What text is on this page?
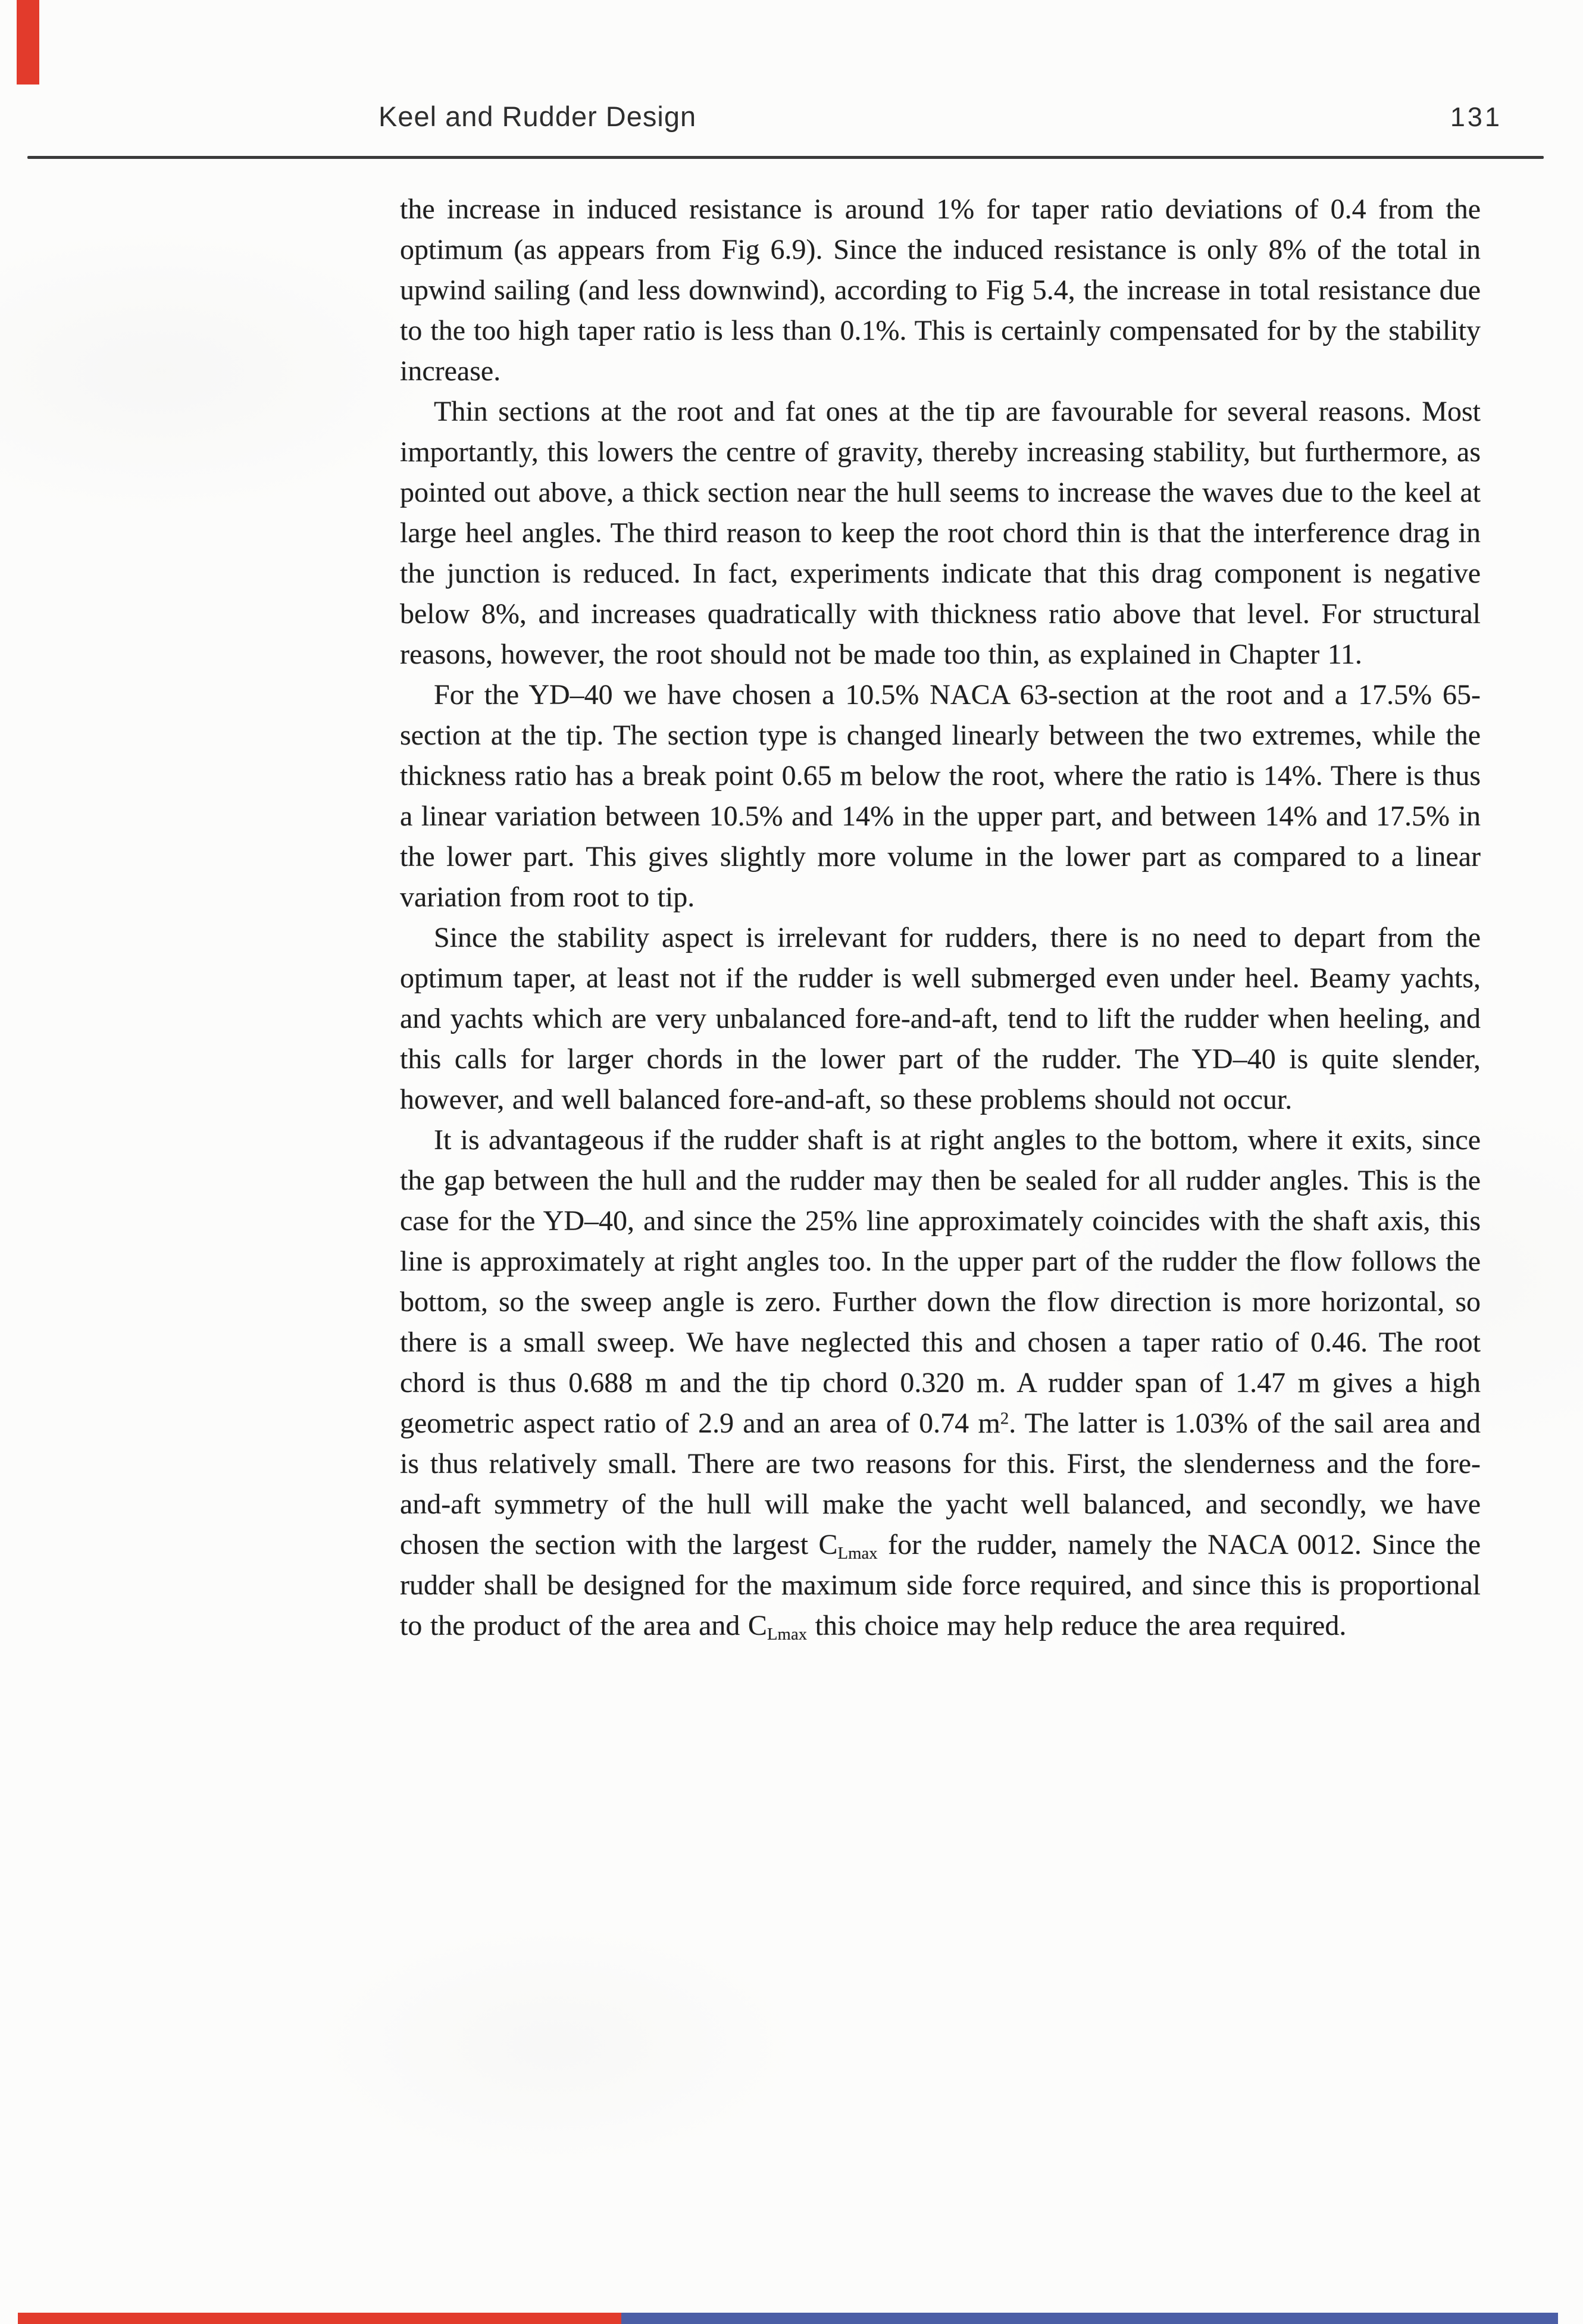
Keel and Rudder Design	131

the increase in induced resistance is around 1% for taper ratio deviations of 0.4 from the optimum (as appears from Fig 6.9). Since the induced resistance is only 8% of the total in upwind sailing (and less downwind), according to Fig 5.4, the increase in total resistance due to the too high taper ratio is less than 0.1%. This is certainly compensated for by the stability increase.

Thin sections at the root and fat ones at the tip are favourable for several reasons. Most importantly, this lowers the centre of gravity, thereby increasing stability, but furthermore, as pointed out above, a thick section near the hull seems to increase the waves due to the keel at large heel angles. The third reason to keep the root chord thin is that the interference drag in the junction is reduced. In fact, experiments indicate that this drag component is negative below 8%, and increases quadratically with thickness ratio above that level. For structural reasons, however, the root should not be made too thin, as explained in Chapter 11.

For the YD–40 we have chosen a 10.5% NACA 63-section at the root and a 17.5% 65-section at the tip. The section type is changed linearly between the two extremes, while the thickness ratio has a break point 0.65 m below the root, where the ratio is 14%. There is thus a linear variation between 10.5% and 14% in the upper part, and between 14% and 17.5% in the lower part. This gives slightly more volume in the lower part as compared to a linear variation from root to tip.

Since the stability aspect is irrelevant for rudders, there is no need to depart from the optimum taper, at least not if the rudder is well submerged even under heel. Beamy yachts, and yachts which are very unbalanced fore-and-aft, tend to lift the rudder when heeling, and this calls for larger chords in the lower part of the rudder. The YD–40 is quite slender, however, and well balanced fore-and-aft, so these problems should not occur.

It is advantageous if the rudder shaft is at right angles to the bottom, where it exits, since the gap between the hull and the rudder may then be sealed for all rudder angles. This is the case for the YD–40, and since the 25% line approximately coincides with the shaft axis, this line is approximately at right angles too. In the upper part of the rudder the flow follows the bottom, so the sweep angle is zero. Further down the flow direction is more horizontal, so there is a small sweep. We have neglected this and chosen a taper ratio of 0.46. The root chord is thus 0.688 m and the tip chord 0.320 m. A rudder span of 1.47 m gives a high geometric aspect ratio of 2.9 and an area of 0.74 $m^2$. The latter is 1.03% of the sail area and is thus relatively small. There are two reasons for this. First, the slenderness and the fore-and-aft symmetry of the hull will make the yacht well balanced, and secondly, we have chosen the section with the largest $C_{Lmax}$ for the rudder, namely the NACA 0012. Since the rudder shall be designed for the maximum side force required, and since this is proportional to the product of the area and $C_{Lmax}$ this choice may help reduce the area required.
